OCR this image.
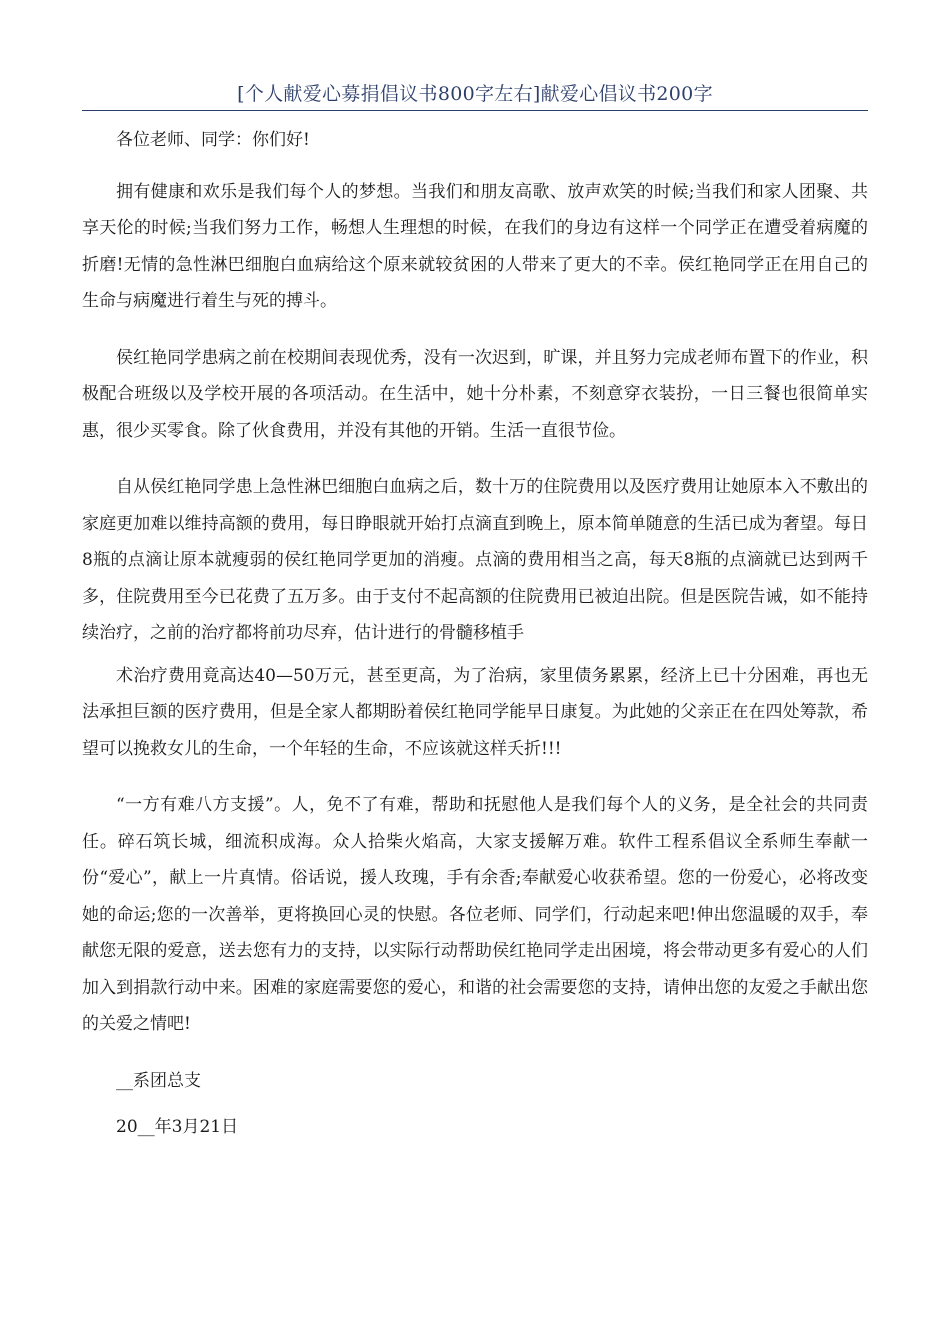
[个人献爱心募捐倡议书800字左右]献爱心倡议书200字

各位老师、同学：你们好!

拥有健康和欢乐是我们每个人的梦想。当我们和朋友高歌、放声欢笑的时候;当我们和家人团聚、共享天伦的时候;当我们努力工作，畅想人生理想的时候，在我们的身边有这样一个同学正在遭受着病魔的折磨!无情的急性淋巴细胞白血病给这个原来就较贫困的人带来了更大的不幸。侯红艳同学正在用自己的生命与病魔进行着生与死的搏斗。

侯红艳同学患病之前在校期间表现优秀，没有一次迟到，旷课，并且努力完成老师布置下的作业，积极配合班级以及学校开展的各项活动。在生活中，她十分朴素，不刻意穿衣装扮，一日三餐也很简单实惠，很少买零食。除了伙食费用，并没有其他的开销。生活一直很节俭。

自从侯红艳同学患上急性淋巴细胞白血病之后，数十万的住院费用以及医疗费用让她原本入不敷出的家庭更加难以维持高额的费用，每日睁眼就开始打点滴直到晚上，原本简单随意的生活已成为奢望。每日8瓶的点滴让原本就瘦弱的侯红艳同学更加的消瘦。点滴的费用相当之高，每天8瓶的点滴就已达到两千多，住院费用至今已花费了五万多。由于支付不起高额的住院费用已被迫出院。但是医院告诫，如不能持续治疗，之前的治疗都将前功尽弃，估计进行的骨髓移植手

术治疗费用竟高达40—50万元，甚至更高，为了治病，家里债务累累，经济上已十分困难，再也无法承担巨额的医疗费用，但是全家人都期盼着侯红艳同学能早日康复。为此她的父亲正在在四处筹款，希望可以挽救女儿的生命，一个年轻的生命，不应该就这样夭折!!!

“一方有难八方支援”。人，免不了有难，帮助和抚慰他人是我们每个人的义务，是全社会的共同责任。碎石筑长城，细流积成海。众人拾柴火焰高，大家支援解万难。软件工程系倡议全系师生奉献一份“爱心”，献上一片真情。俗话说，援人玫瑰，手有余香;奉献爱心收获希望。您的一份爱心，必将改变她的命运;您的一次善举，更将换回心灵的快慰。各位老师、同学们，行动起来吧!伸出您温暖的双手，奉献您无限的爱意，送去您有力的支持，以实际行动帮助侯红艳同学走出困境，将会带动更多有爱心的人们加入到捐款行动中来。困难的家庭需要您的爱心，和谐的社会需要您的支持，请伸出您的友爱之手献出您的关爱之情吧!

__系团总支

20__年3月21日
